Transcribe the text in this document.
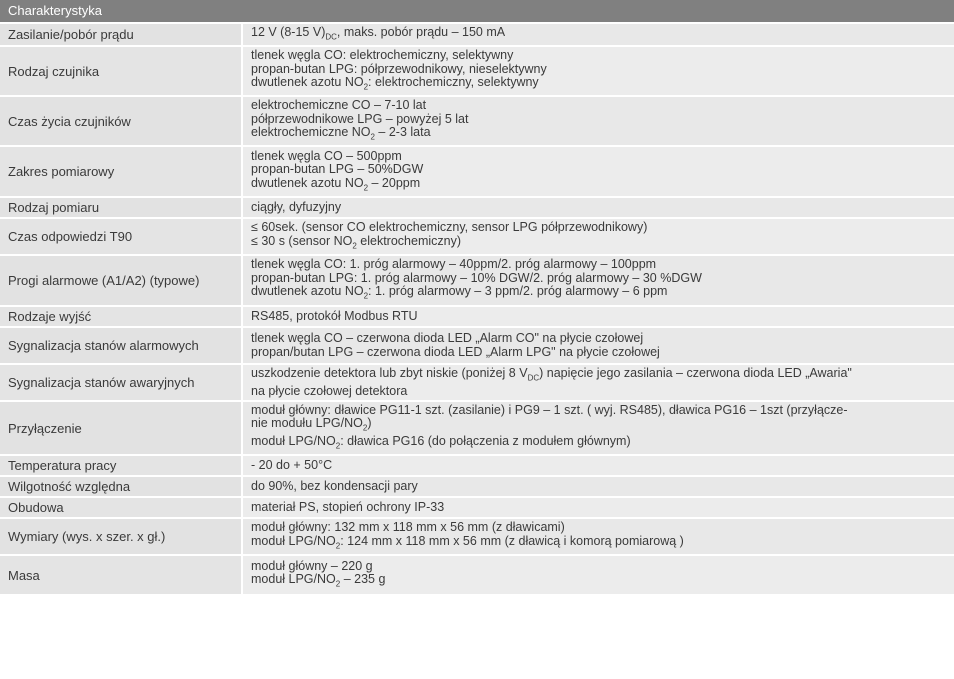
Charakterystyka	
Zasilanie/pobór prądu	12 V (8-15 $V)_{DC}$, maks. pobór prądu – 150 mA

Rodzaj czujnika	tlenek węgla CO: elektrochemiczny, selektywny
propan-butan LPG: półprzewodnikowy, nieselektywny
dwutlenek azotu $NO_2$: elektrochemiczny, selektywny

Czas życia czujników	elektrochemiczne CO – 7-10 lat
półprzewodnikowe LPG – powyżej 5 lat
elektrochemiczne $NO_2 - 2-3$ lata

Zakres pomiarowy	tlenek węgla CO – 500ppm
propan-butan LPG – 50%DGW
dwutlenek azotu $NO_2 - 20ppm$

Rodzaj pomiaru	ciągły, dyfuzyjny

Czas odpowiedzi T90	≤ 60sek. (sensor CO elektrochemiczny, sensor LPG półprzewodnikowy)
≤ 30 s (sensor $NO_2$ elektrochemiczny)

Progi alarmowe (A1/A2) (typowe)	tlenek węgla CO: 1. próg alarmowy – 40ppm/2. próg alarmowy – 100ppm
propan-butan LPG: 1. próg alarmowy – 10% DGW/2. próg alarmowy – 30 %DGW
dwutlenek azotu $NO_2$: 1. próg alarmowy – 3 ppm/2. próg alarmowy – 6 ppm

Rodzaje wyjść	RS485, protokół Modbus RTU

Sygnalizacja stanów alarmowych	tlenek węgla CO – czerwona dioda LED „Alarm CO" na płycie czołowej
propan/butan LPG – czerwona dioda LED „Alarm LPG" na płycie czołowej

Sygnalizacja stanów awaryjnych	uszkodzenie detektora lub zbyt niskie (poniżej 8 $V_{DC}$) napięcie jego zasilania – czerwona dioda LED „Awaria"
na płycie czołowej detektora

Przyłączenie	moduł główny: dławice PG11-1 szt. (zasilanie) i PG9 – 1 szt. ( wyj. RS485), dławica PG16 – 1szt (przyłącze-
nie modułu LPG/$NO_2$)
moduł LPG/$NO_2$: dławica PG16 (do połączenia z modułem głównym)

Temperatura pracy	- 20 do + 50°C

Wilgotność względna	do 90%, bez kondensacji pary

Obudowa	materiał PS, stopień ochrony IP-33

Wymiary (wys. x szer. x gł.)	moduł główny: 132 mm x 118 mm x 56 mm (z dławicami)
moduł LPG/$NO_2$: 124 mm x 118 mm x 56 mm (z dławicą i komorą pomiarową )

Masa	moduł główny – 220 g
moduł LPG/$NO_2 - 235$ g
